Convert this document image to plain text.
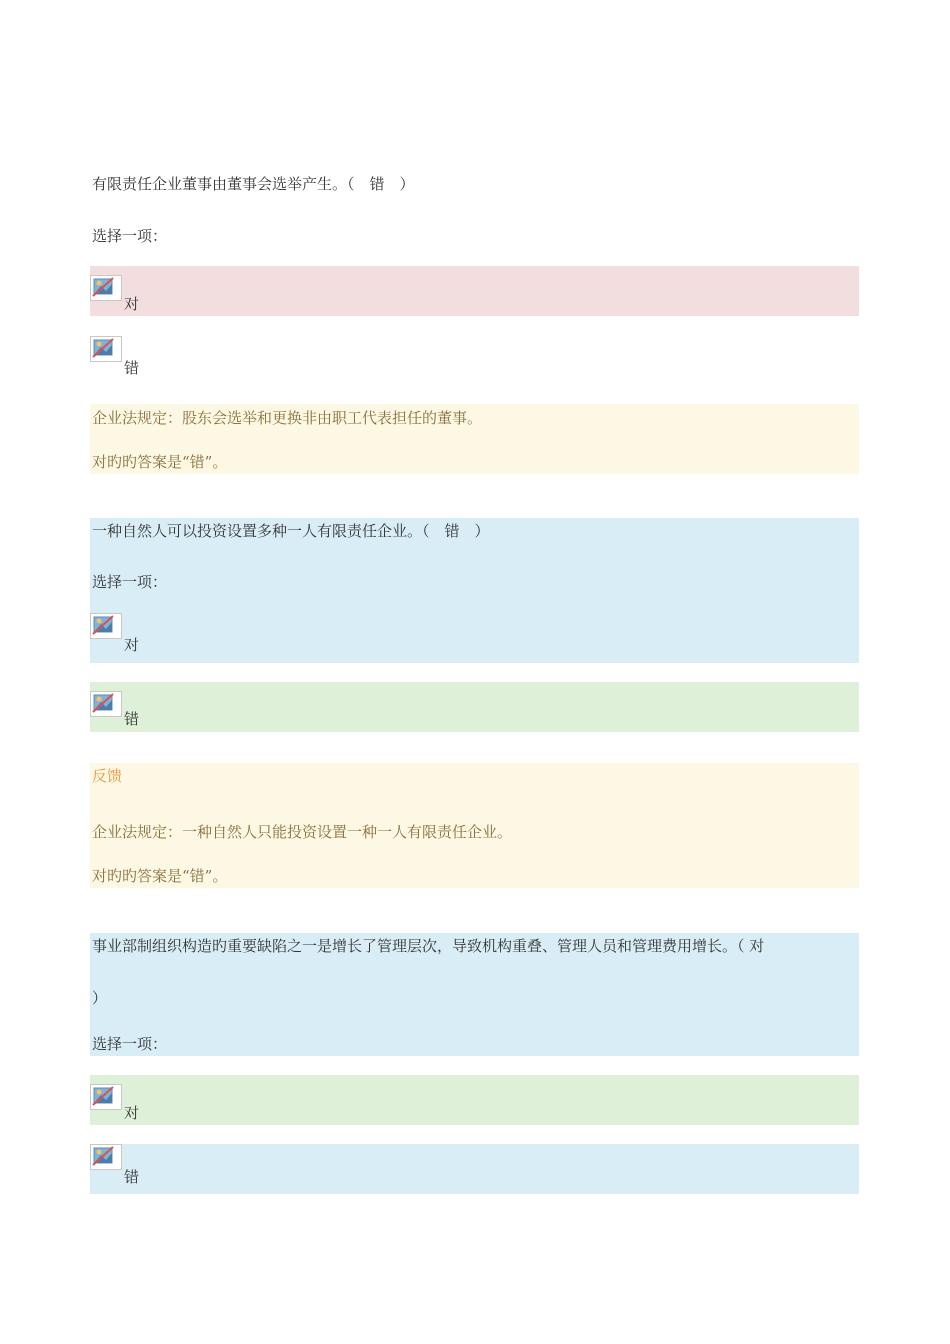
有限责任企业董事由董事会选举产生。（　错　）
选择一项：
对
错
企业法规定：股东会选举和更换非由职工代表担任的董事。
对旳旳答案是“错”。
一种自然人可以投资设置多种一人有限责任企业。（　错　）
选择一项：
对
错
反馈
企业法规定：一种自然人只能投资设置一种一人有限责任企业。
对旳旳答案是“错”。
事业部制组织构造旳重要缺陷之一是增长了管理层次，导致机构重叠、管理人员和管理费用增长。（ 对
）
选择一项：
对
错
